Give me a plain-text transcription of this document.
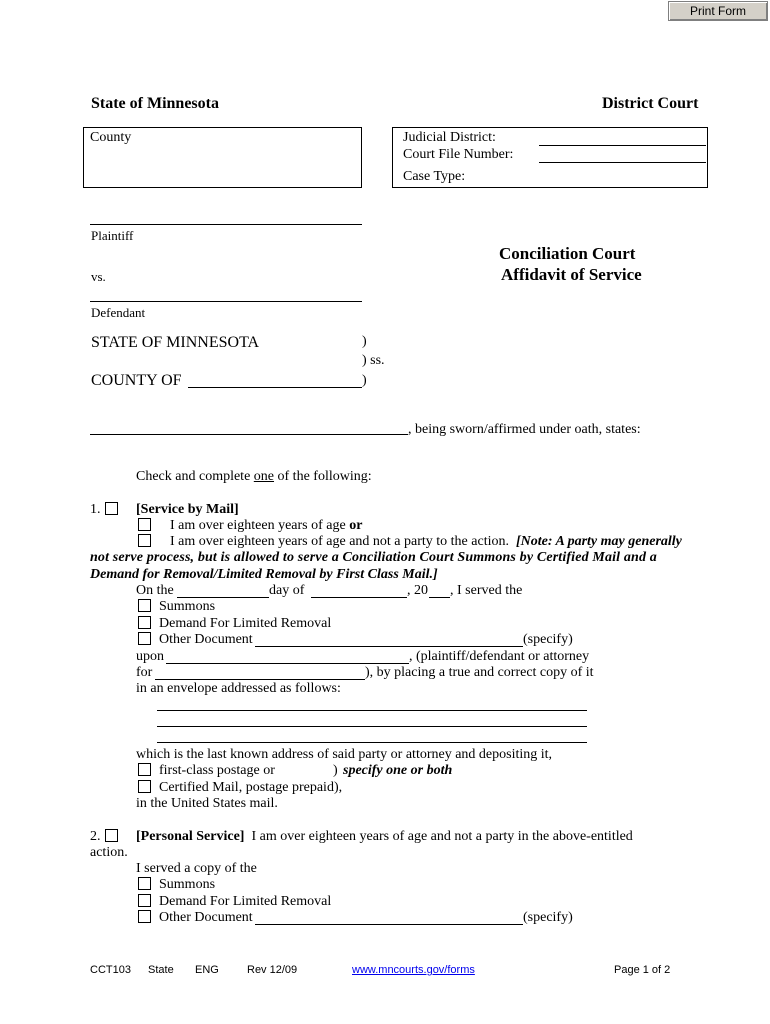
Print Form
State of Minnesota	District Court
County	Judicial District:
Court File Number:
Case Type:
Plaintiff
vs.
Defendant
Conciliation Court
Affidavit of Service
STATE OF MINNESOTA	)
) ss.
COUNTY OF	)
, being sworn/affirmed under oath, states:
Check and complete one of the following:
1.	[Service by Mail]
I am over eighteen years of age or
I am over eighteen years of age and not a party to the action. [Note: A party may generally
not serve process, but is allowed to serve a Conciliation Court Summons by Certified Mail and a
Demand for Removal/Limited Removal by First Class Mail.]
On the	day of	, 20 , I served the
Summons
Demand For Limited Removal
Other Document	(specify)
upon	, (plaintiff/defendant or attorney
for	), by placing a true and correct copy of it
in an envelope addressed as follows:
which is the last known address of said party or attorney and depositing it,
first-class postage or	) specify one or both
Certified Mail, postage prepaid),
in the United States mail.
2.	[Personal Service] I am over eighteen years of age and not a party in the above-entitled
action.
I served a copy of the
Summons
Demand For Limited Removal
Other Document	(specify)
CCT103 State ENG	Rev 12/09	www.mncourts.gov/forms	Page 1 of 2
